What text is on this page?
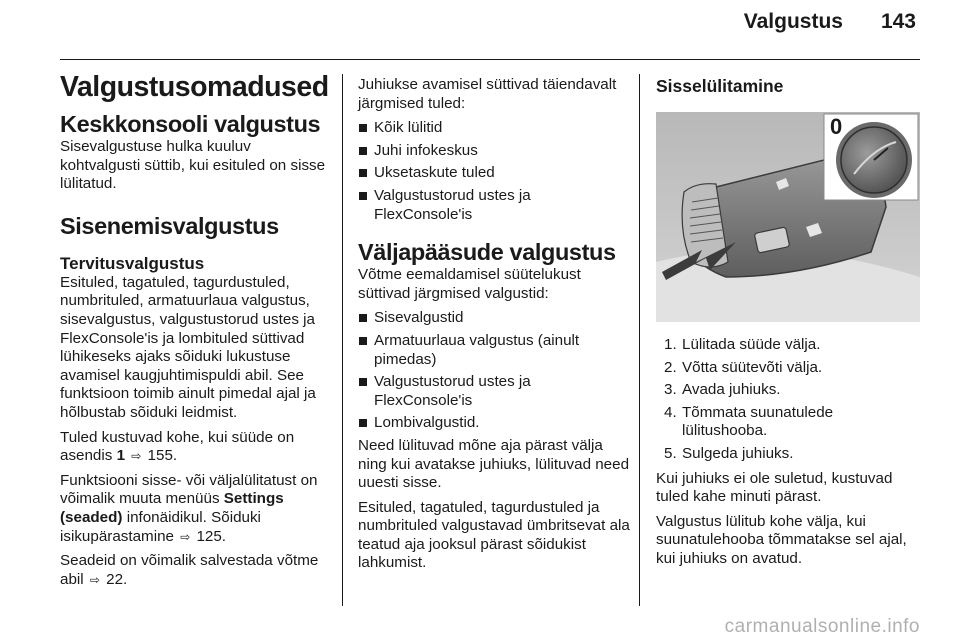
Valgustus 143
Valgustusomadused
Keskkonsooli valgustus

Sisevalgustuse hulka kuuluv kohtvalgusti süttib, kui esituled on sisse lülitatud.

Sisenemisvalgustus
Tervitusvalgustus

Esituled, tagatuled, tagurdustuled, numbrituled, armatuurlaua valgustus, sisevalgustus, valgustustorud ustes ja FlexConsole'is ja lombituled süttivad lühikeseks ajaks sõiduki lukustuse avamisel kaugjuhtimispuldi abil. See funktsioon toimib ainult pimedal ajal ja hõlbustab sõiduki leidmist.

Tuled kustuvad kohe, kui süüde on asendis 1 ⇨ 155.

Funktsiooni sisse- või väljalülitatust on võimalik muuta menüüs Settings (seaded) infonäidikul. Sõiduki isikupärastamine ⇨ 125.

Seadeid on võimalik salvestada võtme abil ⇨ 22.

Juhiukse avamisel süttivad täiendavalt järgmised tuled:

Kõik lülitid
Juhi infokeskus
Uksetaskute tuled
Valgustustorud ustes ja FlexConsole'is
Väljapääsude valgustus

Võtme eemaldamisel süütelukust süttivad järgmised valgustid:

Sisevalgustid
Armatuurlaua valgustus (ainult pimedas)
Valgustustorud ustes ja FlexConsole'is
Lombivalgustid.

Need lülituvad mõne aja pärast välja ning kui avatakse juhiuks, lülituvad need uuesti sisse.

Esituled, tagatuled, tagurdustuled ja numbrituled valgustavad ümbritsevat ala teatud aja jooksul pärast sõidukist lahkumist.

Sisselülitamine
0
1. Lülitada süüde välja.
2. Võtta süütevõti välja.
3. Avada juhiuks.
4. Tõmmata suunatulede lülitushooba.
5. Sulgeda juhiuks.

Kui juhiuks ei ole suletud, kustuvad tuled kahe minuti pärast.

Valgustus lülitub kohe välja, kui suunatulehooba tõmmatakse sel ajal, kui juhiuks on avatud.

carmanualsonline.info
